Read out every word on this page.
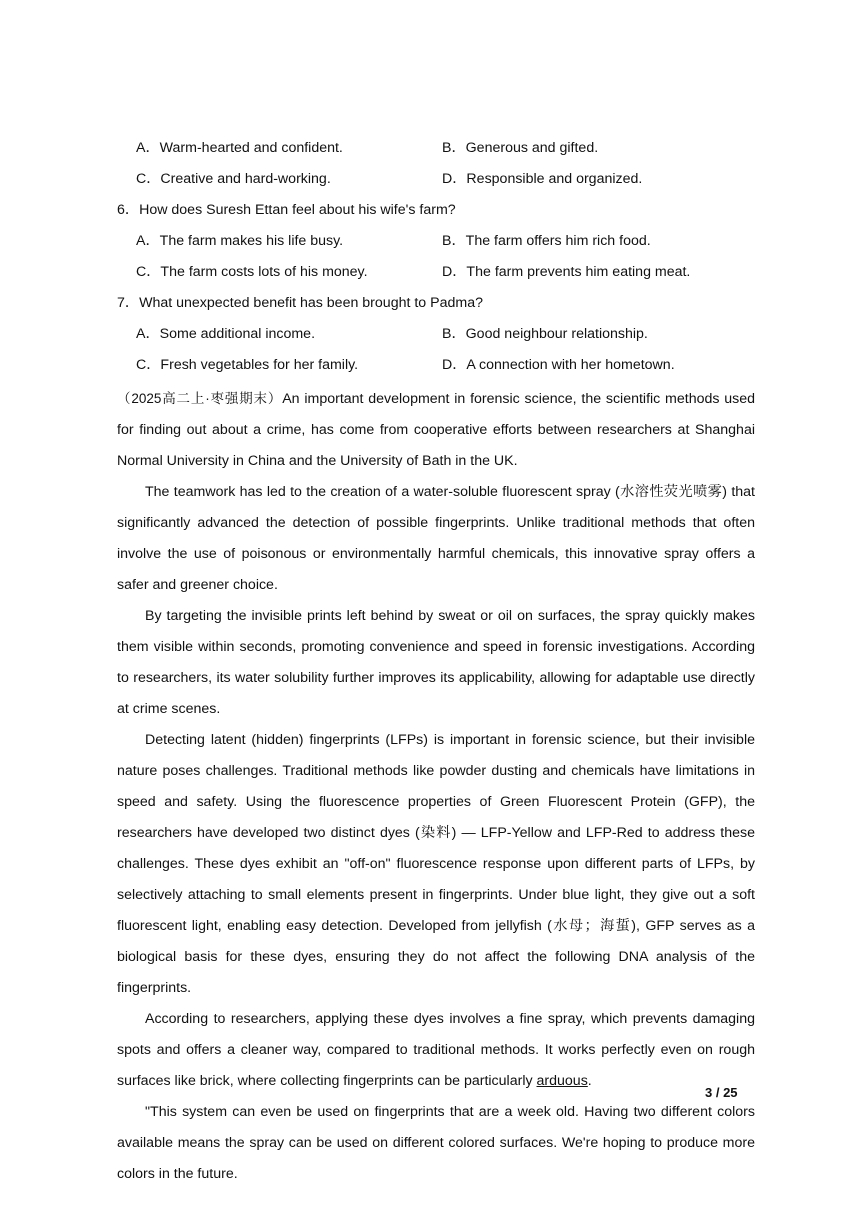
A．Warm-hearted and confident.	B．Generous and gifted.
C．Creative and hard-working.	D．Responsible and organized.
6．How does Suresh Ettan feel about his wife's farm?
A．The farm makes his life busy.	B．The farm offers him rich food.
C．The farm costs lots of his money.	D．The farm prevents him eating meat.
7．What unexpected benefit has been brought to Padma?
A．Some additional income.	B．Good neighbour relationship.
C．Fresh vegetables for her family.	D．A connection with her hometown.

（2025高二上·枣强期末）An important development in forensic science, the scientific methods used for finding out about a crime, has come from cooperative efforts between researchers at Shanghai Normal University in China and the University of Bath in the UK.

The teamwork has led to the creation of a water-soluble fluorescent spray (水溶性荧光喷雾) that significantly advanced the detection of possible fingerprints. Unlike traditional methods that often involve the use of poisonous or environmentally harmful chemicals, this innovative spray offers a safer and greener choice.

By targeting the invisible prints left behind by sweat or oil on surfaces, the spray quickly makes them visible within seconds, promoting convenience and speed in forensic investigations. According to researchers, its water solubility further improves its applicability, allowing for adaptable use directly at crime scenes.

Detecting latent (hidden) fingerprints (LFPs) is important in forensic science, but their invisible nature poses challenges. Traditional methods like powder dusting and chemicals have limitations in speed and safety. Using the fluorescence properties of Green Fluorescent Protein (GFP), the researchers have developed two distinct dyes (染料) — LFP-Yellow and LFP-Red to address these challenges. These dyes exhibit an "off-on" fluorescence response upon different parts of LFPs, by selectively attaching to small elements present in fingerprints. Under blue light, they give out a soft fluorescent light, enabling easy detection. Developed from jellyfish (水母；海蜇), GFP serves as a biological basis for these dyes, ensuring they do not affect the following DNA analysis of the fingerprints.

According to researchers, applying these dyes involves a fine spray, which prevents damaging spots and offers a cleaner way, compared to traditional methods. It works perfectly even on rough surfaces like brick, where collecting fingerprints can be particularly arduous.

"This system can even be used on fingerprints that are a week old. Having two different colors available means the spray can be used on different colored surfaces. We're hoping to produce more colors in the future.

3 / 25
